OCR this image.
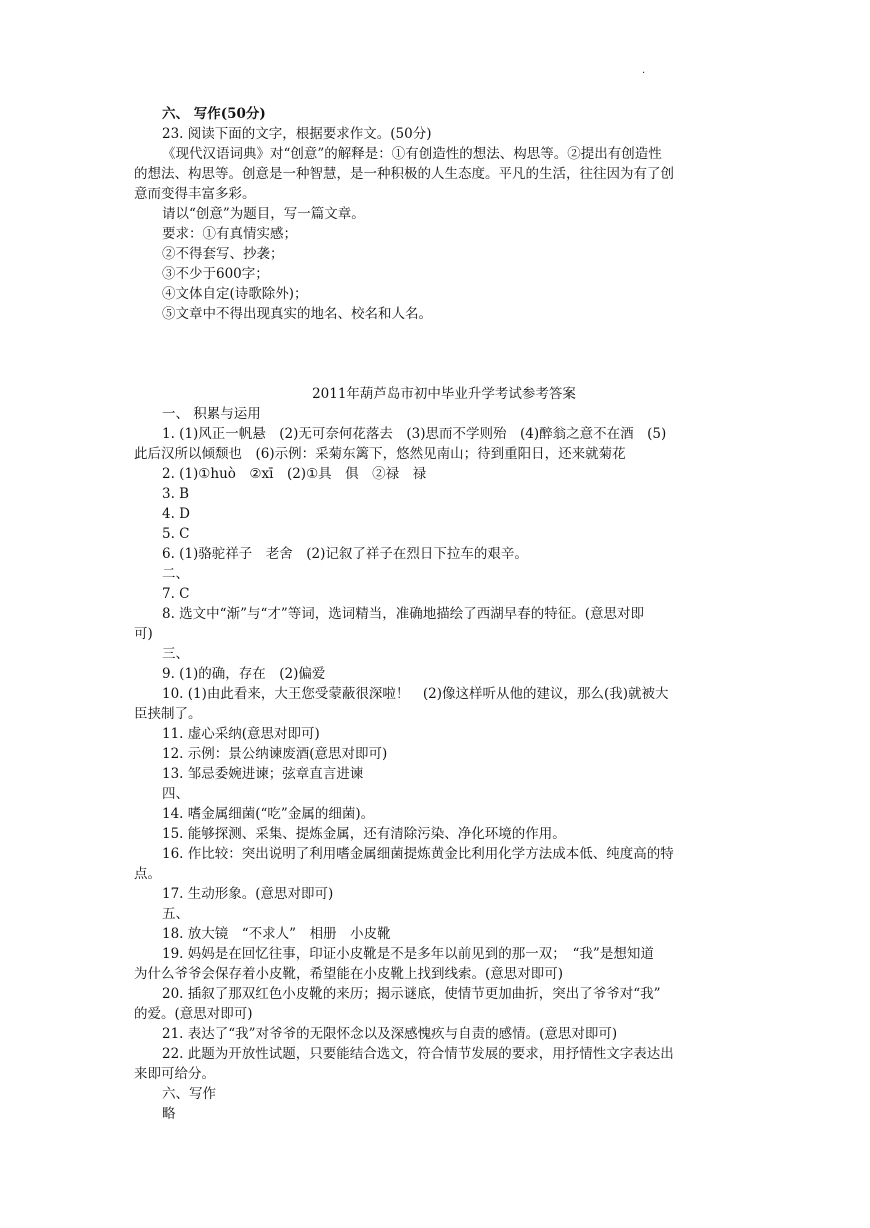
.
六、 写作(50分)
23. 阅读下面的文字，根据要求作文。(50分)
《现代汉语词典》对“创意”的解释是：①有创造性的想法、构思等。②提出有创造性
的想法、构思等。创意是一种智慧，是一种积极的人生态度。平凡的生活，往往因为有了创
意而变得丰富多彩。
请以“创意”为题目，写一篇文章。
要求：①有真情实感；
②不得套写、抄袭；
③不少于600字；
④文体自定(诗歌除外)；
⑤文章中不得出现真实的地名、校名和人名。
2011年葫芦岛市初中毕业升学考试参考答案
一、 积累与运用
1. (1)风正一帆悬　(2)无可奈何花落去　(3)思而不学则殆　(4)醉翁之意不在酒　(5)
此后汉所以倾颓也　(6)示例：采菊东篱下，悠然见南山；待到重阳日，还来就菊花
2. (1)①huò　②xī　(2)①具　俱　②禄　禄
3. B
4. D
5. C
6. (1)骆驼祥子　老舍　(2)记叙了祥子在烈日下拉车的艰辛。
二、
7. C
8. 选文中“渐”与“才”等词，选词精当，准确地描绘了西湖早春的特征。(意思对即
可)
三、
9. (1)的确，存在　(2)偏爱
10. (1)由此看来，大王您受蒙蔽很深啦！　(2)像这样听从他的建议，那么(我)就被大
臣挟制了。
11. 虚心采纳(意思对即可)
12. 示例：景公纳谏废酒(意思对即可)
13. 邹忌委婉进谏；弦章直言进谏
四、
14. 嗜金属细菌(“吃”金属的细菌)。
15. 能够探测、采集、提炼金属，还有清除污染、净化环境的作用。
16. 作比较：突出说明了利用嗜金属细菌提炼黄金比利用化学方法成本低、纯度高的特
点。
17. 生动形象。(意思对即可)
五、
18. 放大镜　“不求人”　相册　小皮靴
19. 妈妈是在回忆往事，印证小皮靴是不是多年以前见到的那一双；　“我”是想知道
为什么爷爷会保存着小皮靴，希望能在小皮靴上找到线索。(意思对即可)
20. 插叙了那双红色小皮靴的来历；揭示谜底，使情节更加曲折，突出了爷爷对“我”
的爱。(意思对即可)
21. 表达了“我”对爷爷的无限怀念以及深感愧疚与自责的感情。(意思对即可)
22. 此题为开放性试题，只要能结合选文，符合情节发展的要求，用抒情性文字表达出
来即可给分。
六、写作
略
